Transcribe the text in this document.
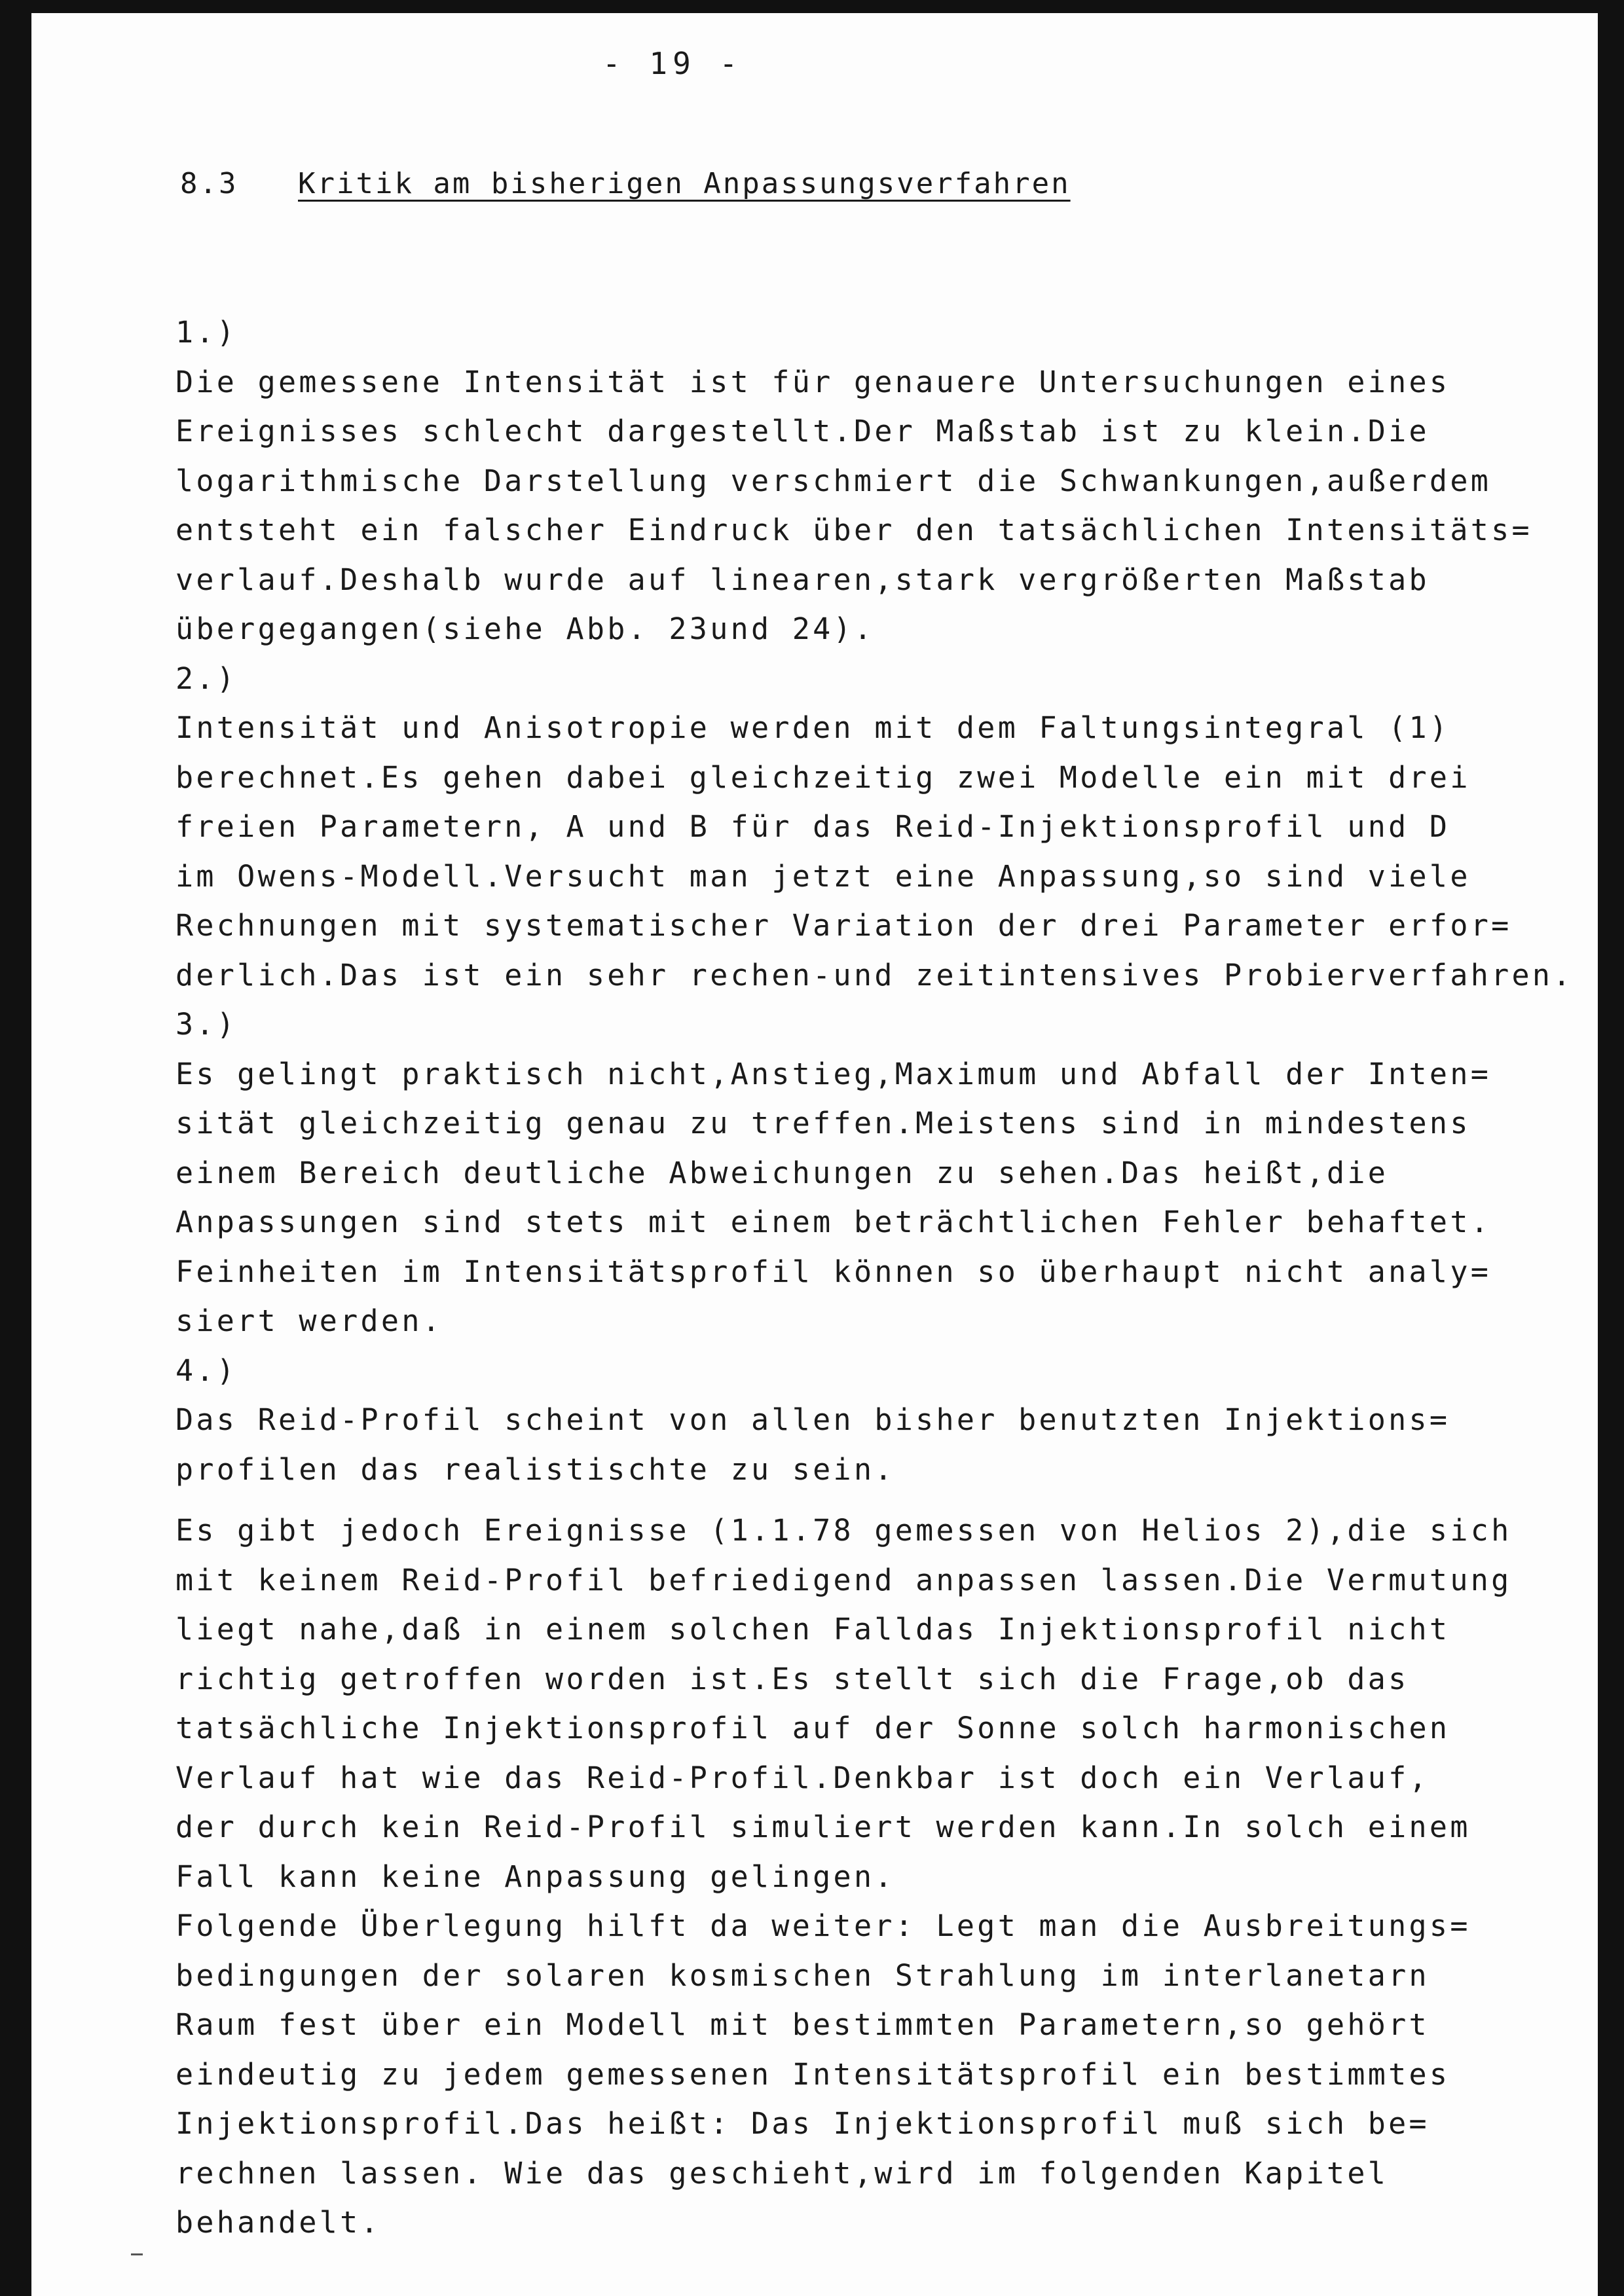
- 19 -
8.3 Kritik am bisherigen Anpassungsverfahren
1.)
Die gemessene Intensität ist für genauere Untersuchungen eines
Ereignisses schlecht dargestellt.Der Maßstab ist zu klein.Die
logarithmische Darstellung verschmiert die Schwankungen,außerdem
entsteht ein falscher Eindruck über den tatsächlichen Intensitäts=
verlauf.Deshalb wurde auf linearen,stark vergrößerten Maßstab
übergegangen(siehe Abb. 23und 24).
2.)
Intensität und Anisotropie werden mit dem Faltungsintegral (1)
berechnet.Es gehen dabei gleichzeitig zwei Modelle ein mit drei
freien Parametern, A und B für das Reid-Injektionsprofil und D
im Owens-Modell.Versucht man jetzt eine Anpassung,so sind viele
Rechnungen mit systematischer Variation der drei Parameter erfor=
derlich.Das ist ein sehr rechen-und zeitintensives Probierverfahren.
3.)
Es gelingt praktisch nicht,Anstieg,Maximum und Abfall der Inten=
sität gleichzeitig genau zu treffen.Meistens sind in mindestens
einem Bereich deutliche Abweichungen zu sehen.Das heißt,die
Anpassungen sind stets mit einem beträchtlichen Fehler behaftet.
Feinheiten im Intensitätsprofil können so überhaupt nicht analy=
siert werden.
4.)
Das Reid-Profil scheint von allen bisher benutzten Injektions=
profilen das realistischte zu sein.
Es gibt jedoch Ereignisse (1.1.78 gemessen von Helios 2),die sich
mit keinem Reid-Profil befriedigend anpassen lassen.Die Vermutung
liegt nahe,daß in einem solchen Falldas Injektionsprofil nicht
richtig getroffen worden ist.Es stellt sich die Frage,ob das
tatsächliche Injektionsprofil auf der Sonne solch harmonischen
Verlauf hat wie das Reid-Profil.Denkbar ist doch ein Verlauf,
der durch kein Reid-Profil simuliert werden kann.In solch einem
Fall kann keine Anpassung gelingen.
Folgende Überlegung hilft da weiter: Legt man die Ausbreitungs=
bedingungen der solaren kosmischen Strahlung im interlanetarn
Raum fest über ein Modell mit bestimmten Parametern,so gehört
eindeutig zu jedem gemessenen Intensitätsprofil ein bestimmtes
Injektionsprofil.Das heißt: Das Injektionsprofil muß sich be=
rechnen lassen. Wie das geschieht,wird im folgenden Kapitel
behandelt.
